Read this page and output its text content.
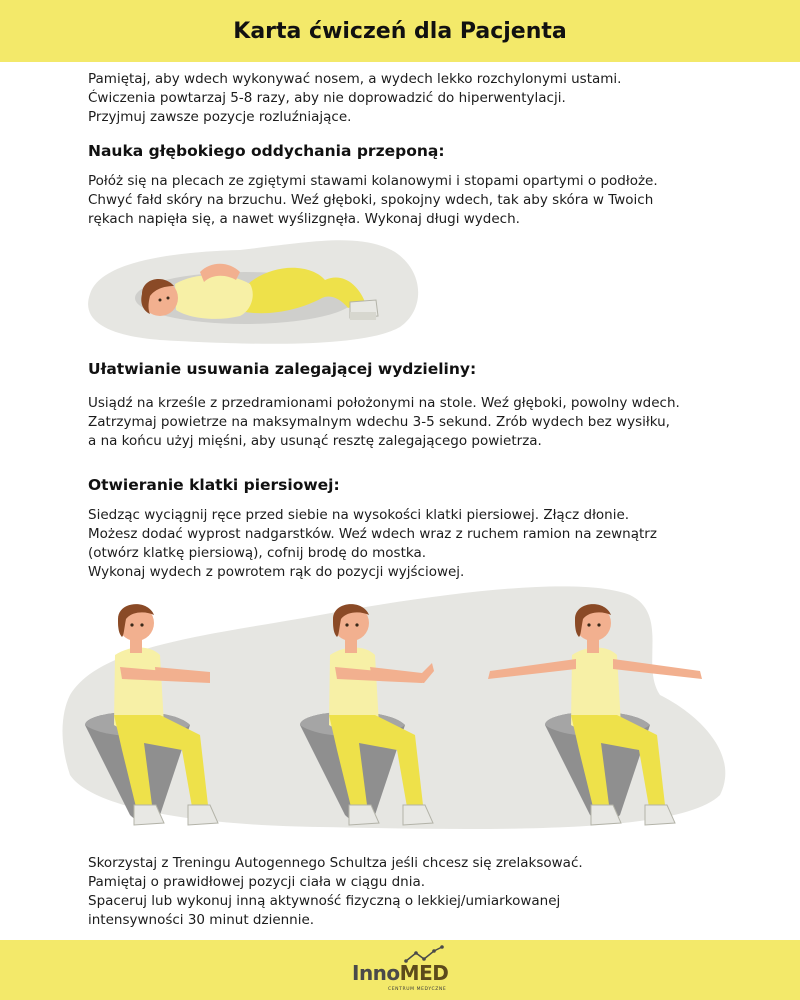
Karta ćwiczeń dla Pacjenta

Pamiętaj, aby wdech wykonywać nosem, a wydech lekko rozchylonymi ustami.

Ćwiczenia powtarzaj 5-8 razy, aby nie doprowadzić do hiperwentylacji.

Przyjmuj zawsze pozycje rozluźniające.

Nauka głębokiego oddychania przeponą:

Połóż się na plecach ze zgiętymi stawami kolanowymi i stopami opartymi o podłoże.

Chwyć fałd skóry na brzuchu. Weź głęboki, spokojny wdech, tak aby skóra w Twoich

rękach napięła się, a nawet wyślizgnęła. Wykonaj długi wydech.

Ułatwianie usuwania zalegającej wydzieliny:

Usiądź na krześle z przedramionami położonymi na stole. Weź głęboki, powolny wdech.

Zatrzymaj powietrze na maksymalnym wdechu 3-5 sekund. Zrób wydech bez wysiłku,

a na końcu użyj mięśni, aby usunąć resztę zalegającego powietrza.

Otwieranie klatki piersiowej:

Siedząc wyciągnij ręce przed siebie na wysokości klatki piersiowej. Złącz dłonie.

Możesz dodać wyprost nadgarstków. Weź wdech wraz z ruchem ramion na zewnątrz

(otwórz klatkę piersiową), cofnij brodę do mostka.

Wykonaj wydech z powrotem rąk do pozycji wyjściowej.

Skorzystaj z Treningu Autogennego Schultza jeśli chcesz się zrelaksować.

Pamiętaj o prawidłowej pozycji ciała w ciągu dnia.

Spaceruj lub wykonuj inną aktywność fizyczną o lekkiej/umiarkowanej

intensywności 30 minut dziennie.

InnoMED
CENTRUM MEDYCZNE
